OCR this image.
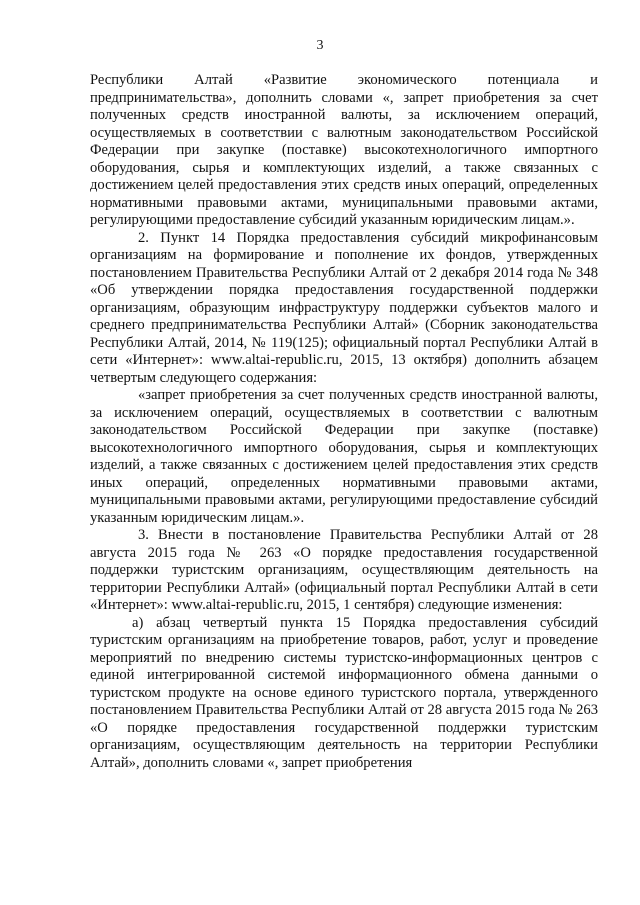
3

Республики Алтай «Развитие экономического потенциала и предпринимательства», дополнить словами «, запрет приобретения за счет полученных средств иностранной валюты, за исключением операций, осуществляемых в соответствии с валютным законодательством Российской Федерации при закупке (поставке) высокотехнологичного импортного оборудования, сырья и комплектующих изделий, а также связанных с достижением целей предоставления этих средств иных операций, определенных нормативными правовыми актами, муниципальными правовыми актами, регулирующими предоставление субсидий указанным юридическим лицам.».

2. Пункт 14 Порядка предоставления субсидий микрофинансовым организациям на формирование и пополнение их фондов, утвержденных постановлением Правительства Республики Алтай от 2 декабря 2014 года № 348 «Об утверждении порядка предоставления государственной поддержки организациям, образующим инфраструктуру поддержки субъектов малого и среднего предпринимательства Республики Алтай» (Сборник законодательства Республики Алтай, 2014, № 119(125); официальный портал Республики Алтай в сети «Интернет»: www.altai-republic.ru, 2015, 13 октября) дополнить абзацем четвертым следующего содержания:

«запрет приобретения за счет полученных средств иностранной валюты, за исключением операций, осуществляемых в соответствии с валютным законодательством Российской Федерации при закупке (поставке) высокотехнологичного импортного оборудования, сырья и комплектующих изделий, а также связанных с достижением целей предоставления этих средств иных операций, определенных нормативными правовыми актами, муниципальными правовыми актами, регулирующими предоставление субсидий указанным юридическим лицам.».

3. Внести в постановление Правительства Республики Алтай от 28 августа 2015 года № 263 «О порядке предоставления государственной поддержки туристским организациям, осуществляющим деятельность на территории Республики Алтай» (официальный портал Республики Алтай в сети «Интернет»: www.altai-republic.ru, 2015, 1 сентября) следующие изменения:

а) абзац четвертый пункта 15 Порядка предоставления субсидий туристским организациям на приобретение товаров, работ, услуг и проведение мероприятий по внедрению системы туристско-информационных центров с единой интегрированной системой информационного обмена данными о туристском продукте на основе единого туристского портала, утвержденного постановлением Правительства Республики Алтай от 28 августа 2015 года № 263 «О порядке предоставления государственной поддержки туристским организациям, осуществляющим деятельность на территории Республики Алтай», дополнить словами «, запрет приобретения
